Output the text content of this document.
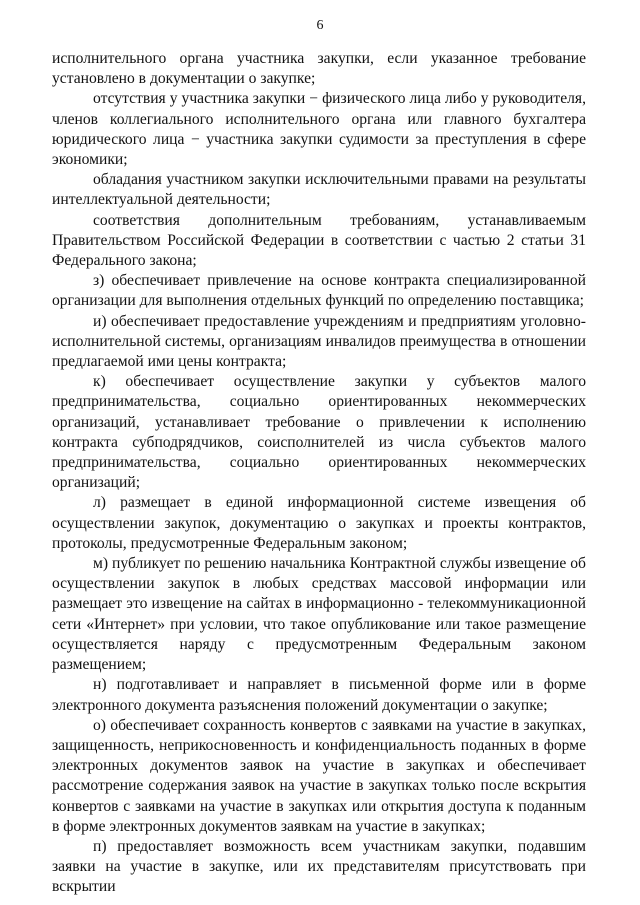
6

исполнительного органа участника закупки, если указанное требование установлено в документации о закупке;

отсутствия у участника закупки − физического лица либо у руководителя, членов коллегиального исполнительного органа или главного бухгалтера юридического лица − участника закупки судимости за преступления в сфере экономики;

обладания участником закупки исключительными правами на результаты интеллектуальной деятельности;

соответствия дополнительным требованиям, устанавливаемым Правительством Российской Федерации в соответствии с частью 2 статьи 31 Федерального закона;

з) обеспечивает привлечение на основе контракта специализированной организации для выполнения отдельных функций по определению поставщика;

и) обеспечивает предоставление учреждениям и предприятиям уголовно-исполнительной системы, организациям инвалидов преимущества в отношении предлагаемой ими цены контракта;

к) обеспечивает осуществление закупки у субъектов малого предпринимательства, социально ориентированных некоммерческих организаций, устанавливает требование о привлечении к исполнению контракта субподрядчиков, соисполнителей из числа субъектов малого предпринимательства, социально ориентированных некоммерческих организаций;

л) размещает в единой информационной системе извещения об осуществлении закупок, документацию о закупках и проекты контрактов, протоколы, предусмотренные Федеральным законом;

м) публикует по решению начальника Контрактной службы извещение об осуществлении закупок в любых средствах массовой информации или размещает это извещение на сайтах в информационно - телекоммуникационной сети «Интернет» при условии, что такое опубликование или такое размещение осуществляется наряду с предусмотренным Федеральным законом размещением;

н) подготавливает и направляет в письменной форме или в форме электронного документа разъяснения положений документации о закупке;

о) обеспечивает сохранность конвертов с заявками на участие в закупках, защищенность, неприкосновенность и конфиденциальность поданных в форме электронных документов заявок на участие в закупках и обеспечивает рассмотрение содержания заявок на участие в закупках только после вскрытия конвертов с заявками на участие в закупках или открытия доступа к поданным в форме электронных документов заявкам на участие в закупках;

п) предоставляет возможность всем участникам закупки, подавшим заявки на участие в закупке, или их представителям присутствовать при вскрытии
